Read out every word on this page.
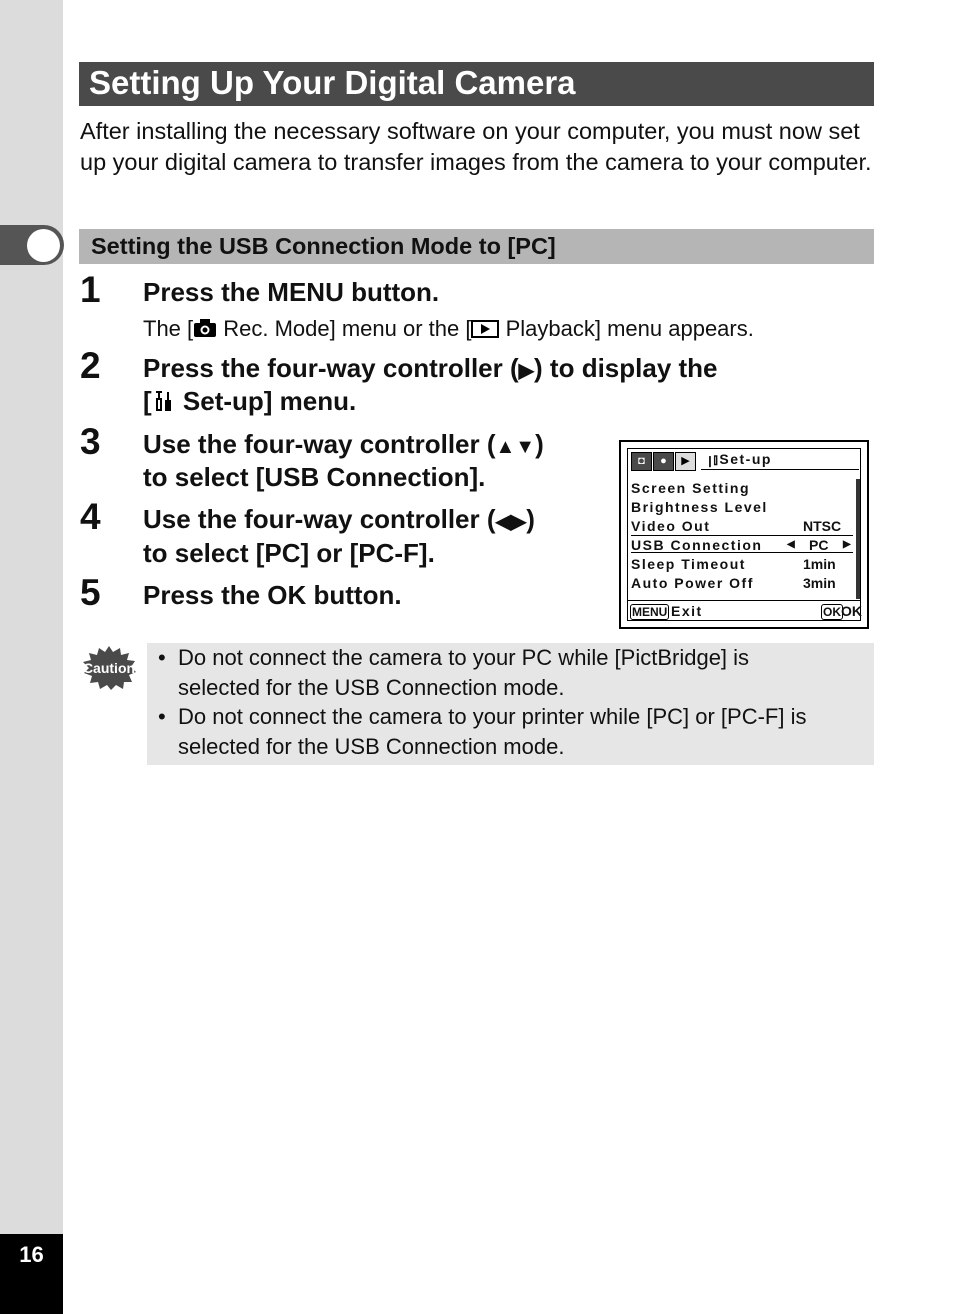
16
Setting Up Your Digital Camera
After installing the necessary software on your computer, you must now set up your digital camera to transfer images from the camera to your computer.
Setting the USB Connection Mode to [PC]
1 Press the MENU button.
The [ Rec. Mode] menu or the [ Playback] menu appears.
2 Press the four-way controller (▶) to display the
[ Set-up] menu.
3 Use the four-way controller (▲▼)
to select [USB Connection].
4 Use the four-way controller (◀▶)
to select [PC] or [PC-F].
5 Press the OK button.
◘	●	▶	ꞁ⫾Set-up
Screen Setting
Brightness Level
Video Out	NTSC
USB Connection ◀ PC ▶
Sleep Timeout	1min
Auto Power Off	3min
MENU Exit	OK OK
Caution • Do not connect the camera to your PC while [PictBridge] is
selected for the USB Connection mode.
• Do not connect the camera to your printer while [PC] or [PC-F] is
selected for the USB Connection mode.
